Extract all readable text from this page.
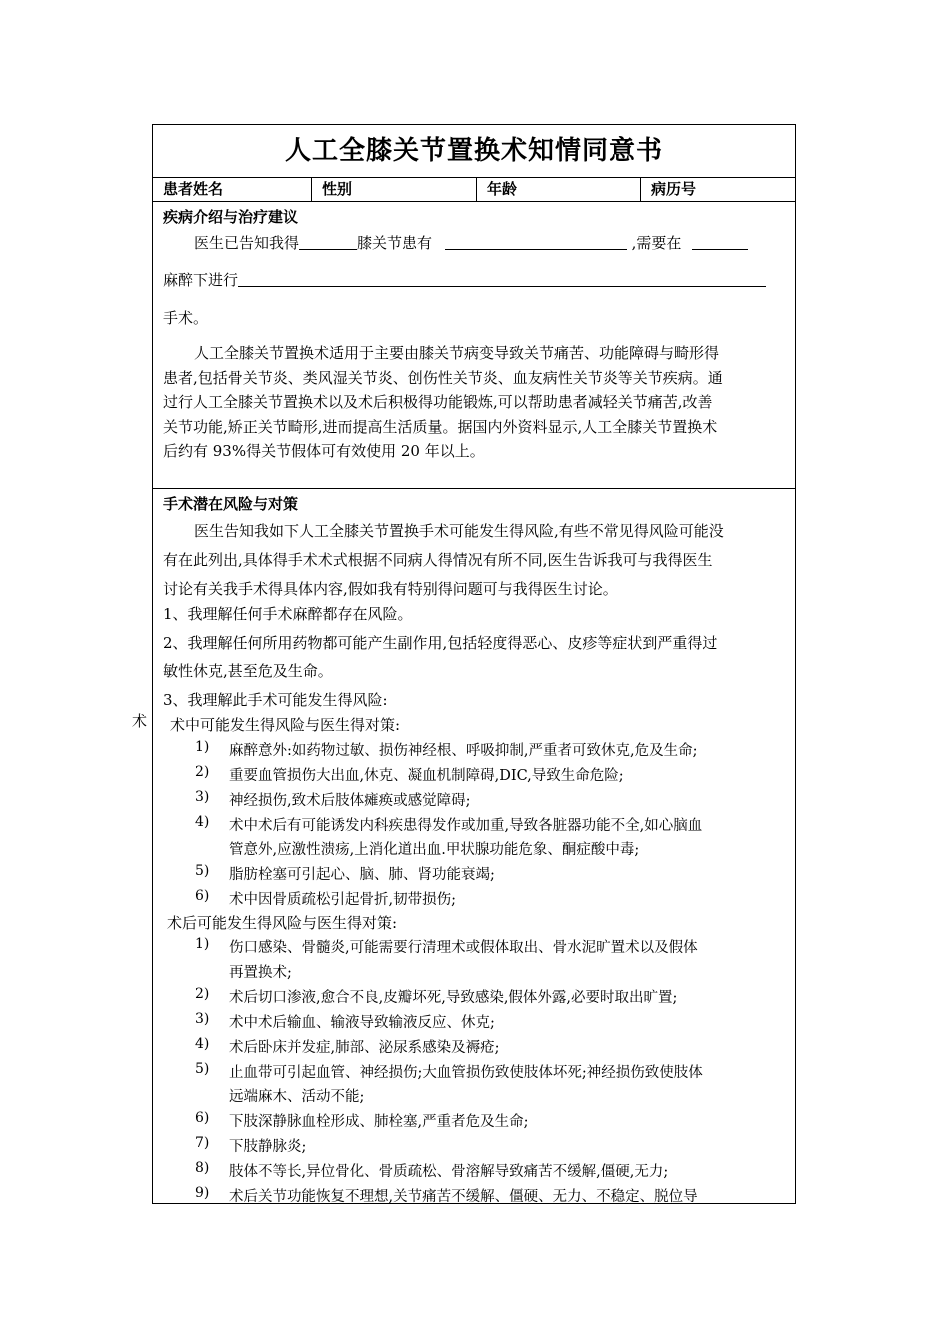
术
人工全膝关节置换术知情同意书
患者姓名	性别	年龄	病历号
疾病介绍与治疗建议
医生已告知我得	膝关节患有	,需要在
麻醉下进行
手术。
人工全膝关节置换术适用于主要由膝关节病变导致关节痛苦、功能障碍与畸形得
患者,包括骨关节炎、类风湿关节炎、创伤性关节炎、血友病性关节炎等关节疾病。通
过行人工全膝关节置换术以及术后积极得功能锻炼,可以帮助患者减轻关节痛苦,改善
关节功能,矫正关节畸形,进而提高生活质量。据国内外资料显示,人工全膝关节置换术
后约有 93%得关节假体可有效使用 20 年以上。
手术潜在风险与对策
医生告知我如下人工全膝关节置换手术可能发生得风险,有些不常见得风险可能没
有在此列出,具体得手术术式根据不同病人得情况有所不同,医生告诉我可与我得医生
讨论有关我手术得具体内容,假如我有特别得问题可与我得医生讨论。
1、我理解任何手术麻醉都存在风险。
2、我理解任何所用药物都可能产生副作用,包括轻度得恶心、皮疹等症状到严重得过
敏性休克,甚至危及生命。
3、我理解此手术可能发生得风险:
术中可能发生得风险与医生得对策:
1) 麻醉意外:如药物过敏、损伤神经根、呼吸抑制,严重者可致休克,危及生命;
2) 重要血管损伤大出血,休克、凝血机制障碍,DIC,导致生命危险;
3) 神经损伤,致术后肢体瘫痪或感觉障碍;
4) 术中术后有可能诱发内科疾患得发作或加重,导致各脏器功能不全,如心脑血
管意外,应激性溃疡,上消化道出血.甲状腺功能危象、酮症酸中毒;
5) 脂肪栓塞可引起心、脑、肺、肾功能衰竭;
6) 术中因骨质疏松引起骨折,韧带损伤;
术后可能发生得风险与医生得对策:
1) 伤口感染、骨髓炎,可能需要行清理术或假体取出、骨水泥旷置术以及假体
再置换术;
2) 术后切口渗液,愈合不良,皮瓣坏死,导致感染,假体外露,必要时取出旷置;
3) 术中术后输血、输液导致输液反应、休克;
4) 术后卧床并发症,肺部、泌尿系感染及褥疮;
5) 止血带可引起血管、神经损伤;大血管损伤致使肢体坏死;神经损伤致使肢体
远端麻木、活动不能;
6) 下肢深静脉血栓形成、肺栓塞,严重者危及生命;
7) 下肢静脉炎;
8) 肢体不等长,异位骨化、骨质疏松、骨溶解导致痛苦不缓解,僵硬,无力;
9) 术后关节功能恢复不理想,关节痛苦不缓解、僵硬、无力、不稳定、脱位导
